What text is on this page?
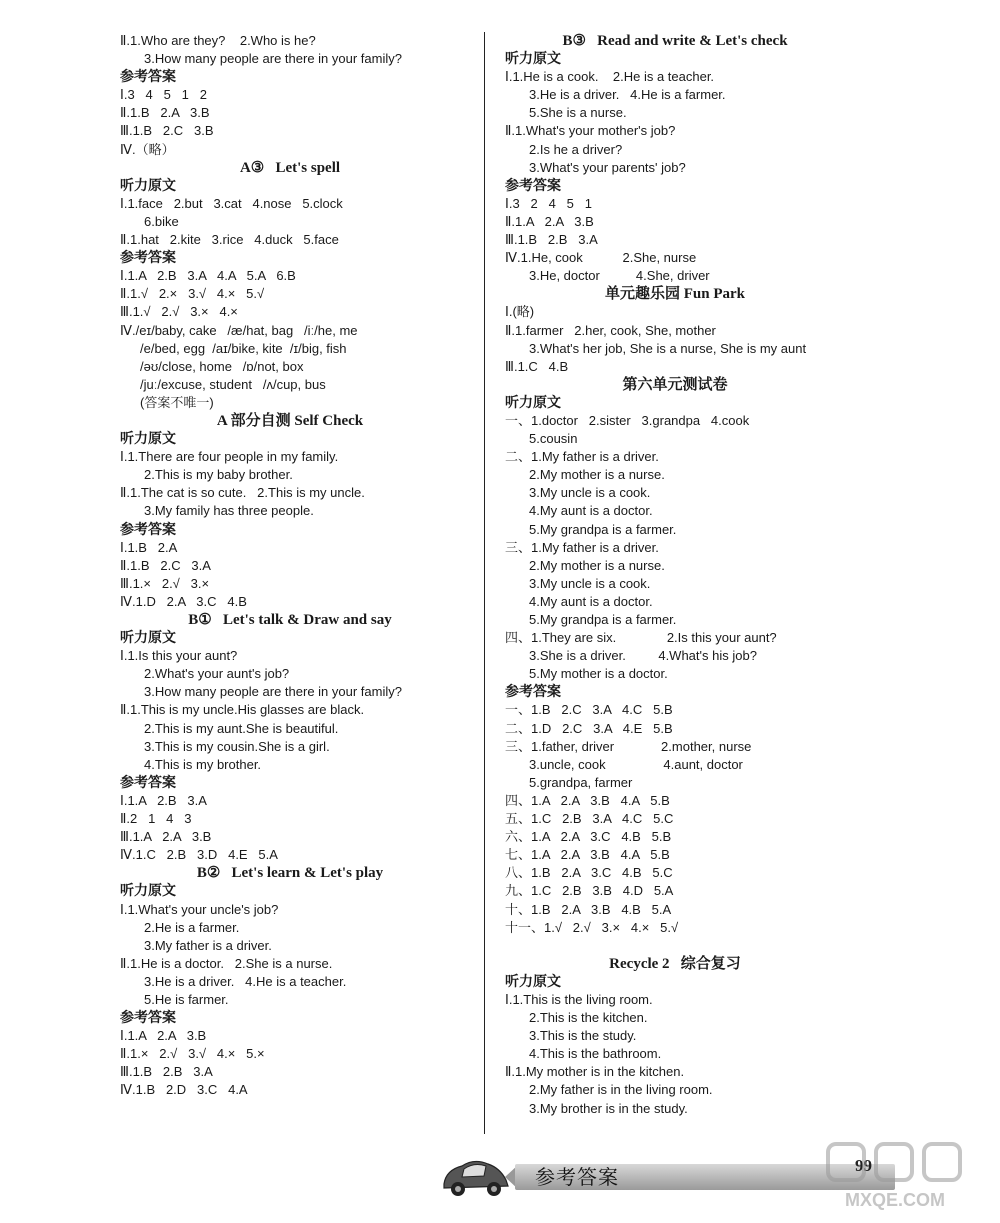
Ⅱ.1.Who are they?    2.Who is he?
3.How many people are there in your family?
参考答案
Ⅰ.3   4   5   1   2
Ⅱ.1.B   2.A   3.B
Ⅲ.1.B   2.C   3.B
Ⅳ.（略）
A③   Let's spell
听力原文
Ⅰ.1.face   2.but   3.cat   4.nose   5.clock
6.bike
Ⅱ.1.hat   2.kite   3.rice   4.duck   5.face
参考答案
Ⅰ.1.A   2.B   3.A   4.A   5.A   6.B
Ⅱ.1.√   2.×   3.√   4.×   5.√
Ⅲ.1.√   2.√   3.×   4.×
Ⅳ./eɪ/baby, cake   /æ/hat, bag   /iː/he, me
/e/bed, egg  /aɪ/bike, kite  /ɪ/big, fish
/əʊ/close, home   /ɒ/not, box
/juː/excuse, student   /ʌ/cup, bus
(答案不唯一)
A 部分自测 Self Check
听力原文
Ⅰ.1.There are four people in my family.
2.This is my baby brother.
Ⅱ.1.The cat is so cute.   2.This is my uncle.
3.My family has three people.
参考答案
Ⅰ.1.B   2.A
Ⅱ.1.B   2.C   3.A
Ⅲ.1.×   2.√   3.×
Ⅳ.1.D   2.A   3.C   4.B
B①   Let's talk & Draw and say
听力原文
Ⅰ.1.Is this your aunt?
2.What's your aunt's job?
3.How many people are there in your family?
Ⅱ.1.This is my uncle.His glasses are black.
2.This is my aunt.She is beautiful.
3.This is my cousin.She is a girl.
4.This is my brother.
参考答案
Ⅰ.1.A   2.B   3.A
Ⅱ.2   1   4   3
Ⅲ.1.A   2.A   3.B
Ⅳ.1.C   2.B   3.D   4.E   5.A
B②   Let's learn & Let's play
听力原文
Ⅰ.1.What's your uncle's job?
2.He is a farmer.
3.My father is a driver.
Ⅱ.1.He is a doctor.   2.She is a nurse.
3.He is a driver.   4.He is a teacher.
5.He is farmer.
参考答案
Ⅰ.1.A   2.A   3.B
Ⅱ.1.×   2.√   3.√   4.×   5.×
Ⅲ.1.B   2.B   3.A
Ⅳ.1.B   2.D   3.C   4.A
B③   Read and write & Let's check
听力原文
Ⅰ.1.He is a cook.    2.He is a teacher.
3.He is a driver.   4.He is a farmer.
5.She is a nurse.
Ⅱ.1.What's your mother's job?
2.Is he a driver?
3.What's your parents' job?
参考答案
Ⅰ.3   2   4   5   1
Ⅱ.1.A   2.A   3.B
Ⅲ.1.B   2.B   3.A
Ⅳ.1.He, cook           2.She, nurse
3.He, doctor          4.She, driver
单元趣乐园 Fun Park
Ⅰ.(略)
Ⅱ.1.farmer   2.her, cook, She, mother
3.What's her job, She is a nurse, She is my aunt
Ⅲ.1.C   4.B
第六单元测试卷
听力原文
一、1.doctor   2.sister   3.grandpa   4.cook
5.cousin
二、1.My father is a driver.
2.My mother is a nurse.
3.My uncle is a cook.
4.My aunt is a doctor.
5.My grandpa is a farmer.
三、1.My father is a driver.
2.My mother is a nurse.
3.My uncle is a cook.
4.My aunt is a doctor.
5.My grandpa is a farmer.
四、1.They are six.              2.Is this your aunt?
3.She is a driver.         4.What's his job?
5.My mother is a doctor.
参考答案
一、1.B   2.C   3.A   4.C   5.B
二、1.D   2.C   3.A   4.E   5.B
三、1.father, driver             2.mother, nurse
3.uncle, cook                4.aunt, doctor
5.grandpa, farmer
四、1.A   2.A   3.B   4.A   5.B
五、1.C   2.B   3.A   4.C   5.C
六、1.A   2.A   3.C   4.B   5.B
七、1.A   2.A   3.B   4.A   5.B
八、1.B   2.A   3.C   4.B   5.C
九、1.C   2.B   3.B   4.D   5.A
十、1.B   2.A   3.B   4.B   5.A
十一、1.√   2.√   3.×   4.×   5.√
Recycle 2   综合复习
听力原文
Ⅰ.1.This is the living room.
2.This is the kitchen.
3.This is the study.
4.This is the bathroom.
Ⅱ.1.My mother is in the kitchen.
2.My father is in the living room.
3.My brother is in the study.
参考答案	99
MXQE.COM
